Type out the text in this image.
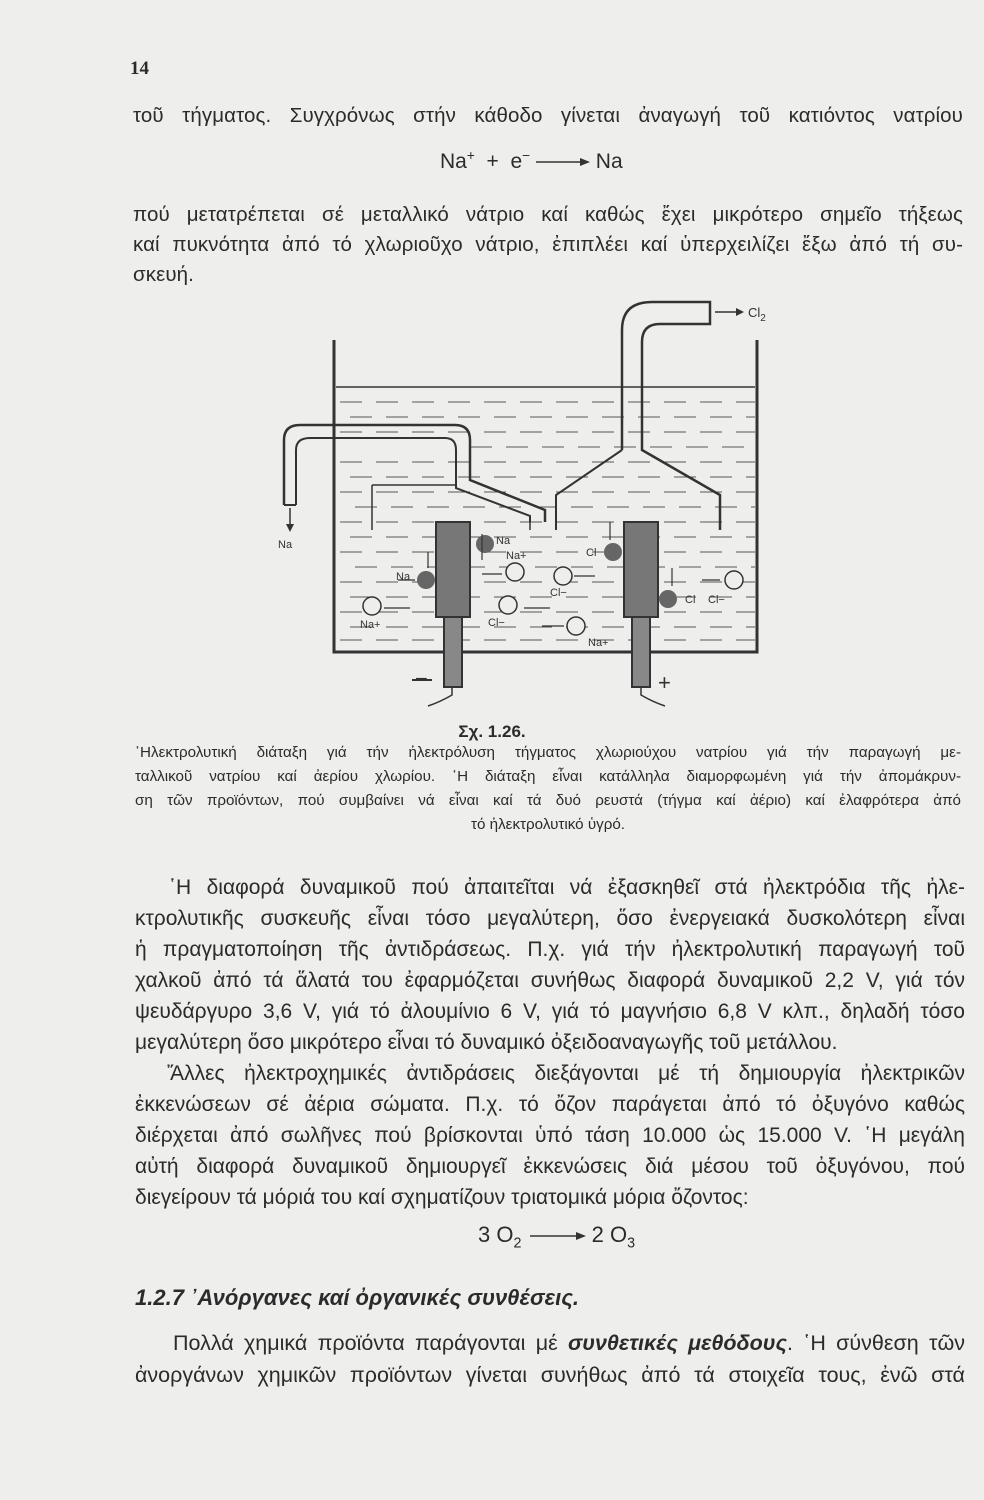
14
τοῦ τήγματος. Συγχρόνως στήν κάθοδο γίνεται ἀναγωγή τοῦ κατιόντος νατρίου
Na+ + e−	Na
πού μετατρέπεται σέ μεταλλικό νάτριο καί καθώς ἔχει μικρότερο σημεῖο τήξεως
καί πυκνότητα ἀπό τό χλωριοῦχο νάτριο, ἐπιπλέει καί ὑπερχειλίζει ἔξω ἀπό τή συ-
σκευή.
$Cl_2$
Na
Na
Na
Na+
Na+
Na+
Cl
Cl
Cl−
Cl−
Cl−
−	+
Σχ. 1.26.
῾Ηλεκτρολυτική διάταξη γιά τήν ἠλεκτρόλυση τήγματος χλωριούχου νατρίου γιά τήν παραγωγή με-
ταλλικοῦ νατρίου καί ἀερίου χλωρίου. ῾Η διάταξη εἶναι κατάλληλα διαμορφωμένη γιά τήν ἀπομάκρυν-
ση τῶν προϊόντων, πού συμβαίνει νά εἶναι καί τά δυό ρευστά (τήγμα καί ἀέριο) καί ἐλαφρότερα ἀπό
τό ἠλεκτρολυτικό ὑγρό.
῾Η διαφορά δυναμικοῦ πού ἀπαιτεῖται νά ἐξασκηθεῖ στά ἠλεκτρόδια τῆς ἠλε-
κτρολυτικῆς συσκευῆς εἶναι τόσο μεγαλύτερη, ὅσο ἐνεργειακά δυσκολότερη εἶναι
ἡ πραγματοποίηση τῆς ἀντιδράσεως. Π.χ. γιά τήν ἠλεκτρολυτική παραγωγή τοῦ
χαλκοῦ ἀπό τά ἅλατά του ἐφαρμόζεται συνήθως διαφορά δυναμικοῦ 2,2 V, γιά τόν
ψευδάργυρο 3,6 V, γιά τό ἀλουμίνιο 6 V, γιά τό μαγνήσιο 6,8 V κλπ., δηλαδή τόσο
μεγαλύτερη ὅσο μικρότερο εἶναι τό δυναμικό ὀξειδοαναγωγῆς τοῦ μετάλλου.
Ἄλλες ἠλεκτροχημικές ἀντιδράσεις διεξάγονται μέ τή δημιουργία ἠλεκτρικῶν
ἐκκενώσεων σέ ἀέρια σώματα. Π.χ. τό ὄζον παράγεται ἀπό τό ὀξυγόνο καθώς
διέρχεται ἀπό σωλῆνες πού βρίσκονται ὑπό τάση 10.000 ὡς 15.000 V. ῾Η μεγάλη
αὐτή διαφορά δυναμικοῦ δημιουργεῖ ἐκκενώσεις διά μέσου τοῦ ὀξυγόνου, πού
διεγείρουν τά μόριά του καί σχηματίζουν τριατομικά μόρια ὄζοντος:
3 $O_2$	2 $O_3$
1.2.7 ᾿Ανόργανες καί ὀργανικές συνθέσεις.
Πολλά χημικά προϊόντα παράγονται μέ συνθετικές μεθόδους. ῾Η σύνθεση τῶν
ἀνοργάνων χημικῶν προϊόντων γίνεται συνήθως ἀπό τά στοιχεῖα τους, ἐνῶ στά
